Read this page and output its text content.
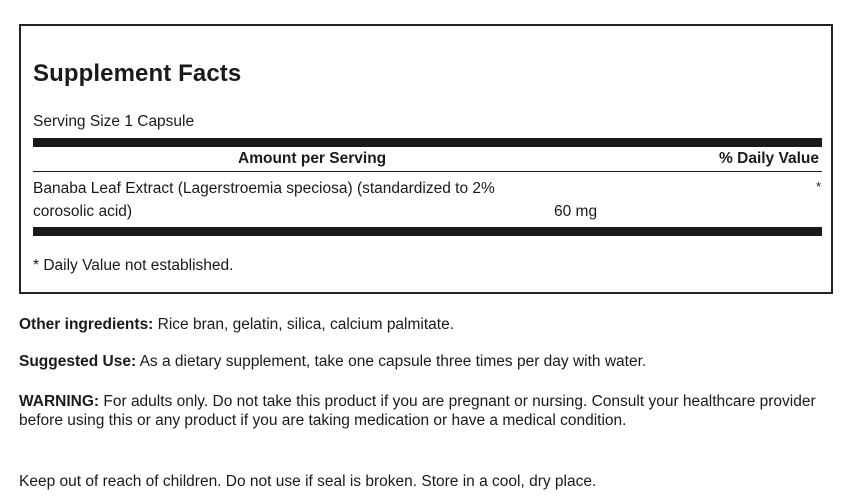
Supplement Facts
Serving Size 1 Capsule
Amount per Serving	% Daily Value
Banaba Leaf Extract (Lagerstroemia speciosa) (standardized to 2%
corosolic acid)	60 mg
*
* Daily Value not established.
Other ingredients: Rice bran, gelatin, silica, calcium palmitate.
Suggested Use: As a dietary supplement, take one capsule three times per day with water.
WARNING: For adults only. Do not take this product if you are pregnant or nursing. Consult your healthcare provider before using this or any product if you are taking medication or have a medical condition.
Keep out of reach of children. Do not use if seal is broken. Store in a cool, dry place.
